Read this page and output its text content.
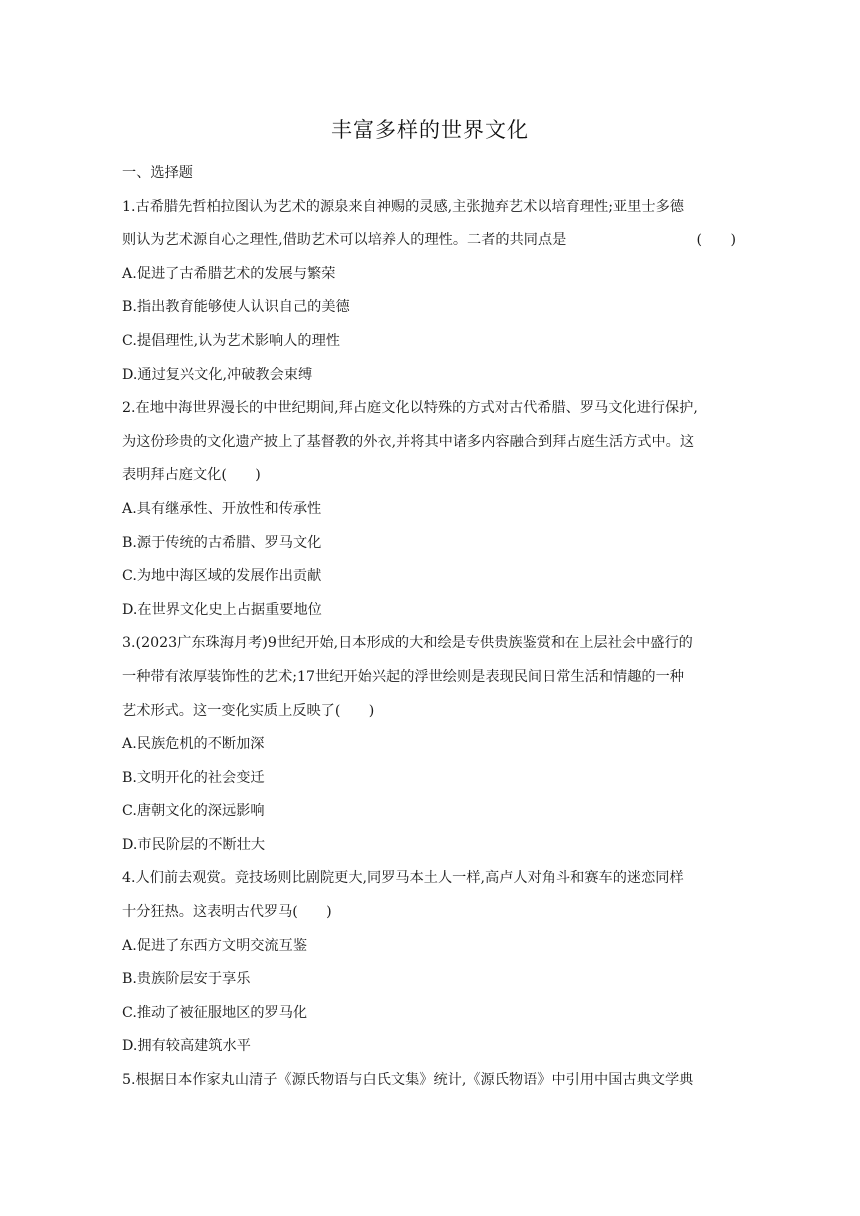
丰富多样的世界文化
一、选择题
1.古希腊先哲柏拉图认为艺术的源泉来自神赐的灵感,主张抛弃艺术以培育理性;亚里士多德
则认为艺术源自心之理性,借助艺术可以培养人的理性。二者的共同点是	(　　)
A.促进了古希腊艺术的发展与繁荣
B.指出教育能够使人认识自己的美德
C.提倡理性,认为艺术影响人的理性
D.通过复兴文化,冲破教会束缚
2.在地中海世界漫长的中世纪期间,拜占庭文化以特殊的方式对古代希腊、罗马文化进行保护,
为这份珍贵的文化遗产披上了基督教的外衣,并将其中诸多内容融合到拜占庭生活方式中。这
表明拜占庭文化(　　)
A.具有继承性、开放性和传承性
B.源于传统的古希腊、罗马文化
C.为地中海区域的发展作出贡献
D.在世界文化史上占据重要地位
3.(2023广东珠海月考)9世纪开始,日本形成的大和绘是专供贵族鉴赏和在上层社会中盛行的
一种带有浓厚装饰性的艺术;17世纪开始兴起的浮世绘则是表现民间日常生活和情趣的一种
艺术形式。这一变化实质上反映了(　　)
A.民族危机的不断加深
B.文明开化的社会变迁
C.唐朝文化的深远影响
D.市民阶层的不断壮大
4.人们前去观赏。竞技场则比剧院更大,同罗马本土人一样,高卢人对角斗和赛车的迷恋同样
十分狂热。这表明古代罗马(　　)
A.促进了东西方文明交流互鉴
B.贵族阶层安于享乐
C.推动了被征服地区的罗马化
D.拥有较高建筑水平
5.根据日本作家丸山清子《源氏物语与白氏文集》统计,《源氏物语》中引用中国古典文学典
